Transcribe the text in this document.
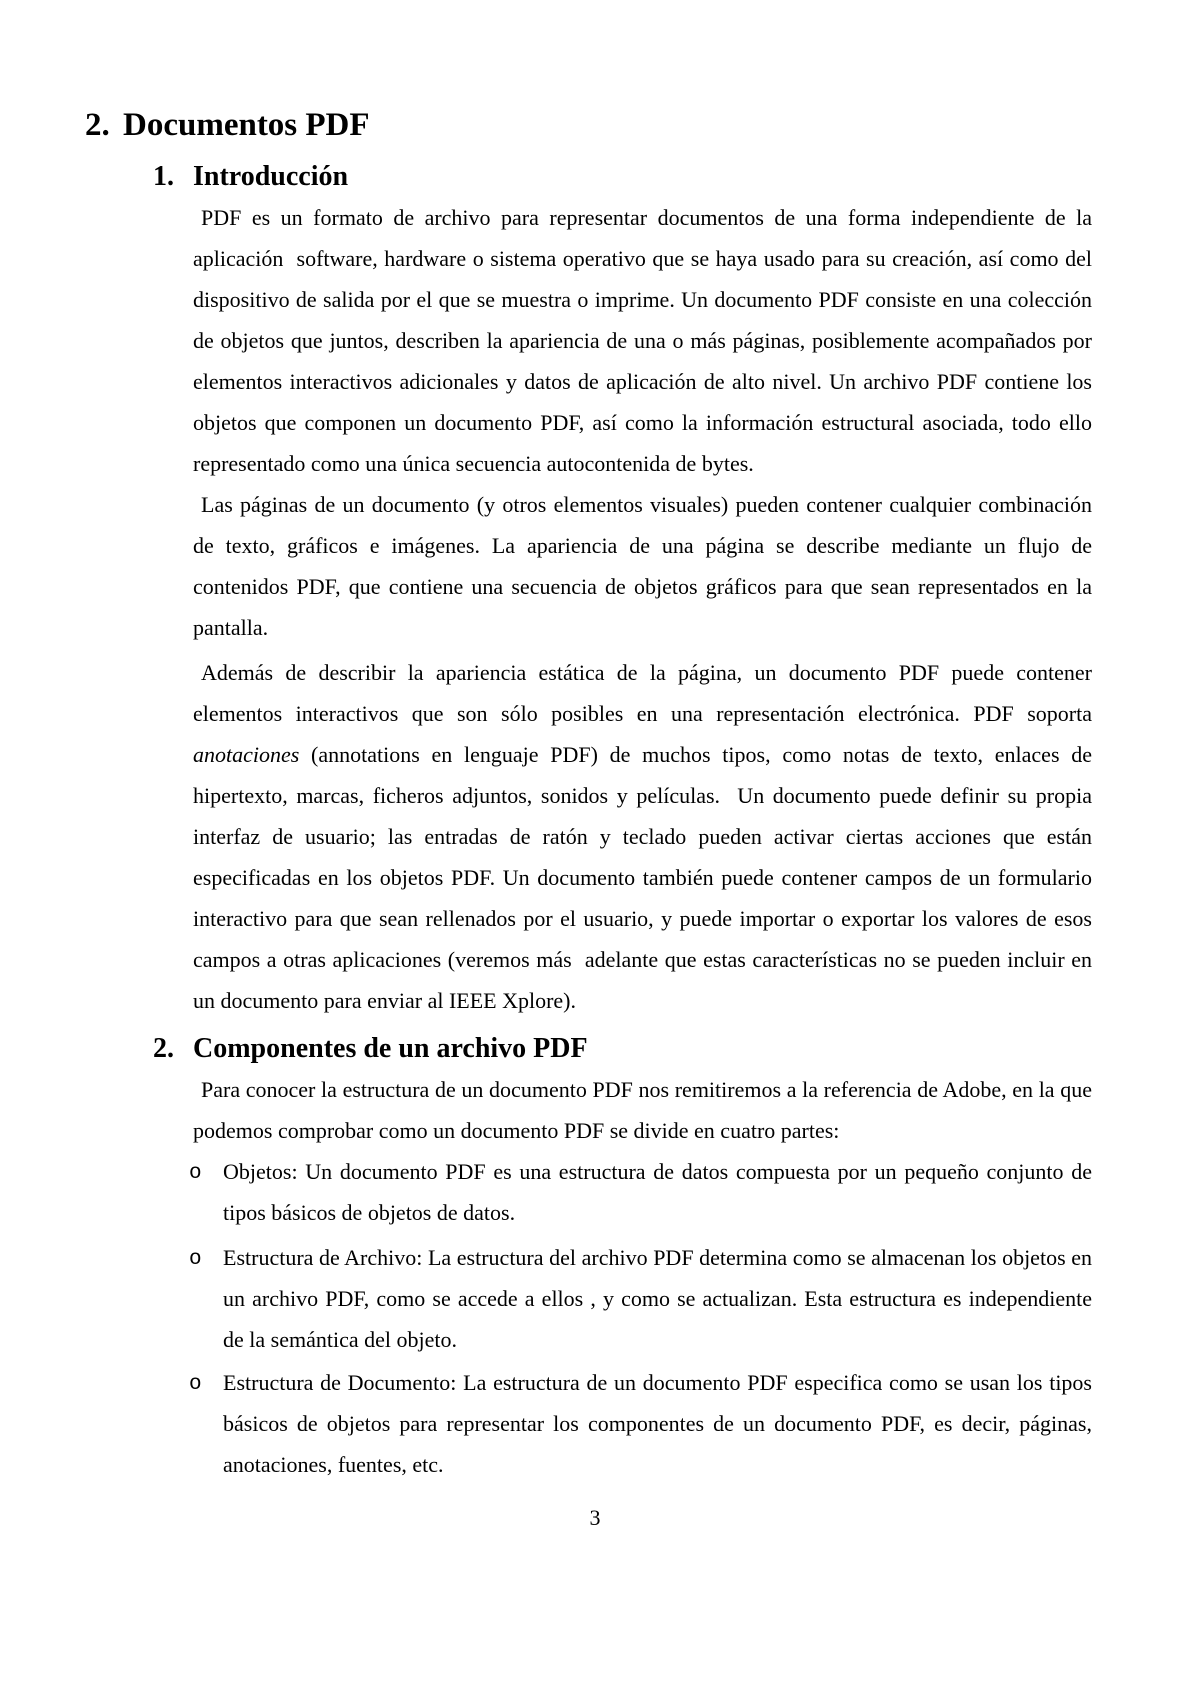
2. Documentos PDF
1. Introducción

PDF es un formato de archivo para representar documentos de una forma independiente de la aplicación  software, hardware o sistema operativo que se haya usado para su creación, así como del dispositivo de salida por el que se muestra o imprime. Un documento PDF consiste en una colección de objetos que juntos, describen la apariencia de una o más páginas, posiblemente acompañados por elementos interactivos adicionales y datos de aplicación de alto nivel. Un archivo PDF contiene los objetos que componen un documento PDF, así como la información estructural asociada, todo ello representado como una única secuencia autocontenida de bytes.

Las páginas de un documento (y otros elementos visuales) pueden contener cualquier combinación de texto, gráficos e imágenes. La apariencia de una página se describe mediante un flujo de contenidos PDF, que contiene una secuencia de objetos gráficos para que sean representados en la pantalla.

Además de describir la apariencia estática de la página, un documento PDF puede contener elementos interactivos que son sólo posibles en una representación electrónica. PDF soporta anotaciones (annotations en lenguaje PDF) de muchos tipos, como notas de texto, enlaces de hipertexto, marcas, ficheros adjuntos, sonidos y películas.  Un documento puede definir su propia interfaz de usuario; las entradas de ratón y teclado pueden activar ciertas acciones que están especificadas en los objetos PDF. Un documento también puede contener campos de un formulario interactivo para que sean rellenados por el usuario, y puede importar o exportar los valores de esos campos a otras aplicaciones (veremos más  adelante que estas características no se pueden incluir en un documento para enviar al IEEE Xplore).

2. Componentes de un archivo PDF

Para conocer la estructura de un documento PDF nos remitiremos a la referencia de Adobe, en la que podemos comprobar como un documento PDF se divide en cuatro partes:

o Objetos: Un documento PDF es una estructura de datos compuesta por un pequeño conjunto de tipos básicos de objetos de datos.

o Estructura de Archivo: La estructura del archivo PDF determina como se almacenan los objetos en un archivo PDF, como se accede a ellos , y como se actualizan. Esta estructura es independiente de la semántica del objeto.

o Estructura de Documento: La estructura de un documento PDF especifica como se usan los tipos básicos de objetos para representar los componentes de un documento PDF, es decir, páginas, anotaciones, fuentes, etc.

3
